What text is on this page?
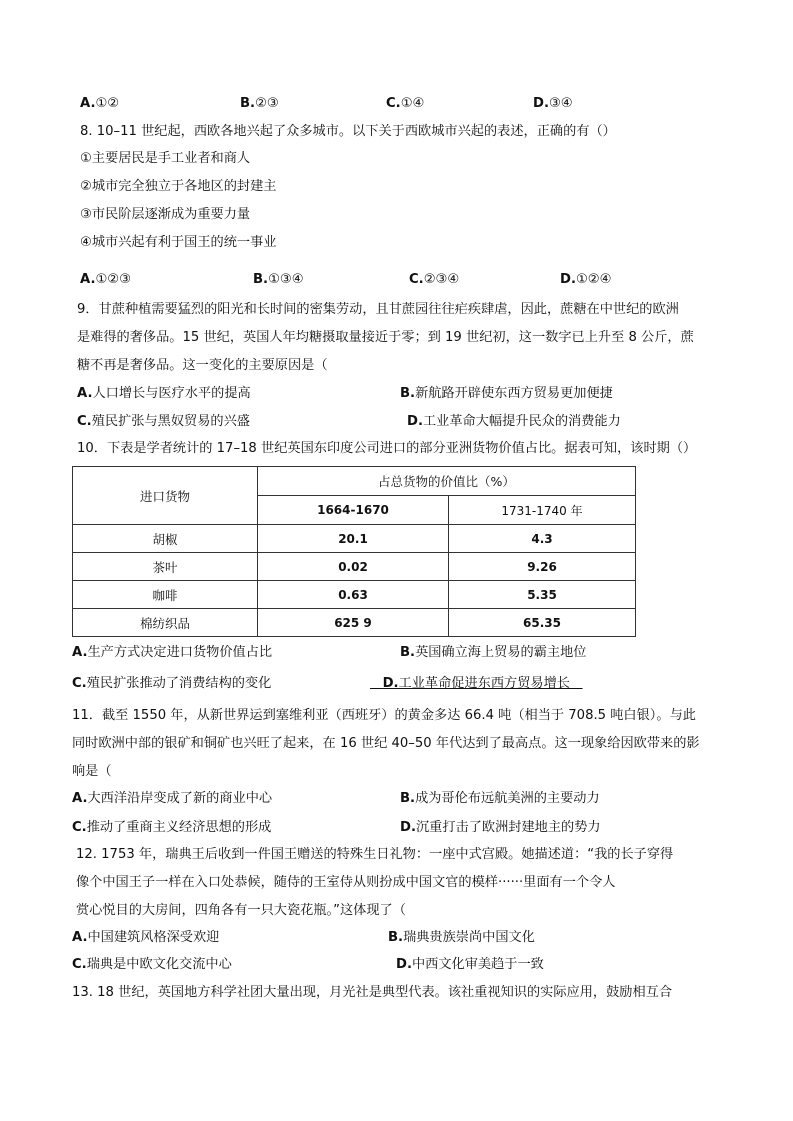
A.①②	B.②③	C.①④	D.③④
8. 10–11 世纪起，西欧各地兴起了众多城市。以下关于西欧城市兴起的表述，正确的有（）
①主要居民是手工业者和商人
②城市完全独立于各地区的封建主
③市民阶层逐渐成为重要力量
④城市兴起有利于国王的统一事业
A.①②③	B.①③④	C.②③④	D.①②④
9．甘蔗种植需要猛烈的阳光和长时间的密集劳动，且甘蔗园往往疟疾肆虐，因此，蔗糖在中世纪的欧洲
是难得的奢侈品。15 世纪，英国人年均糖摄取量接近于零；到 19 世纪初，这一数字已上升至 8 公斤，蔗
糖不再是奢侈品。这一变化的主要原因是（
A.人口增长与医疗水平的提高	B.新航路开辟使东西方贸易更加便捷
C.殖民扩张与黑奴贸易的兴盛	D.工业革命大幅提升民众的消费能力
10．下表是学者统计的 17–18 世纪英国东印度公司进口的部分亚洲货物价值占比。据表可知，该时期（）
进口货物	占总货物的价值比（%）	
	1664-1670	1731-1740 年
胡椒	20.1	4.3
茶叶	0.02	9.26
咖啡	0.63	5.35
棉纺织品	625 9	65.35
A.生产方式决定进口货物价值占比	B.英国确立海上贸易的霸主地位
C.殖民扩张推动了消费结构的变化	D.工业革命促进东西方贸易增长
11．截至 1550 年，从新世界运到塞维利亚（西班牙）的黄金多达 66.4 吨（相当于 708.5 吨白银）。与此
同时欧洲中部的银矿和铜矿也兴旺了起来，在 16 世纪 40–50 年代达到了最高点。这一现象给因欧带来的影
响是（
A.大西洋沿岸变成了新的商业中心	B.成为哥伦布远航美洲的主要动力
C.推动了重商主义经济思想的形成	D.沉重打击了欧洲封建地主的势力
12. 1753 年，瑞典王后收到一件国王赠送的特殊生日礼物：一座中式宫殿。她描述道：“我的长子穿得
像个中国王子一样在入口处恭候，随侍的王室侍从则扮成中国文官的模样······里面有一个令人
赏心悦目的大房间，四角各有一只大瓷花瓶。”这体现了（
A.中国建筑风格深受欢迎	B.瑞典贵族崇尚中国文化
C.瑞典是中欧文化交流中心	D.中西文化审美趋于一致
13. 18 世纪，英国地方科学社团大量出现，月光社是典型代表。该社重视知识的实际应用，鼓励相互合
